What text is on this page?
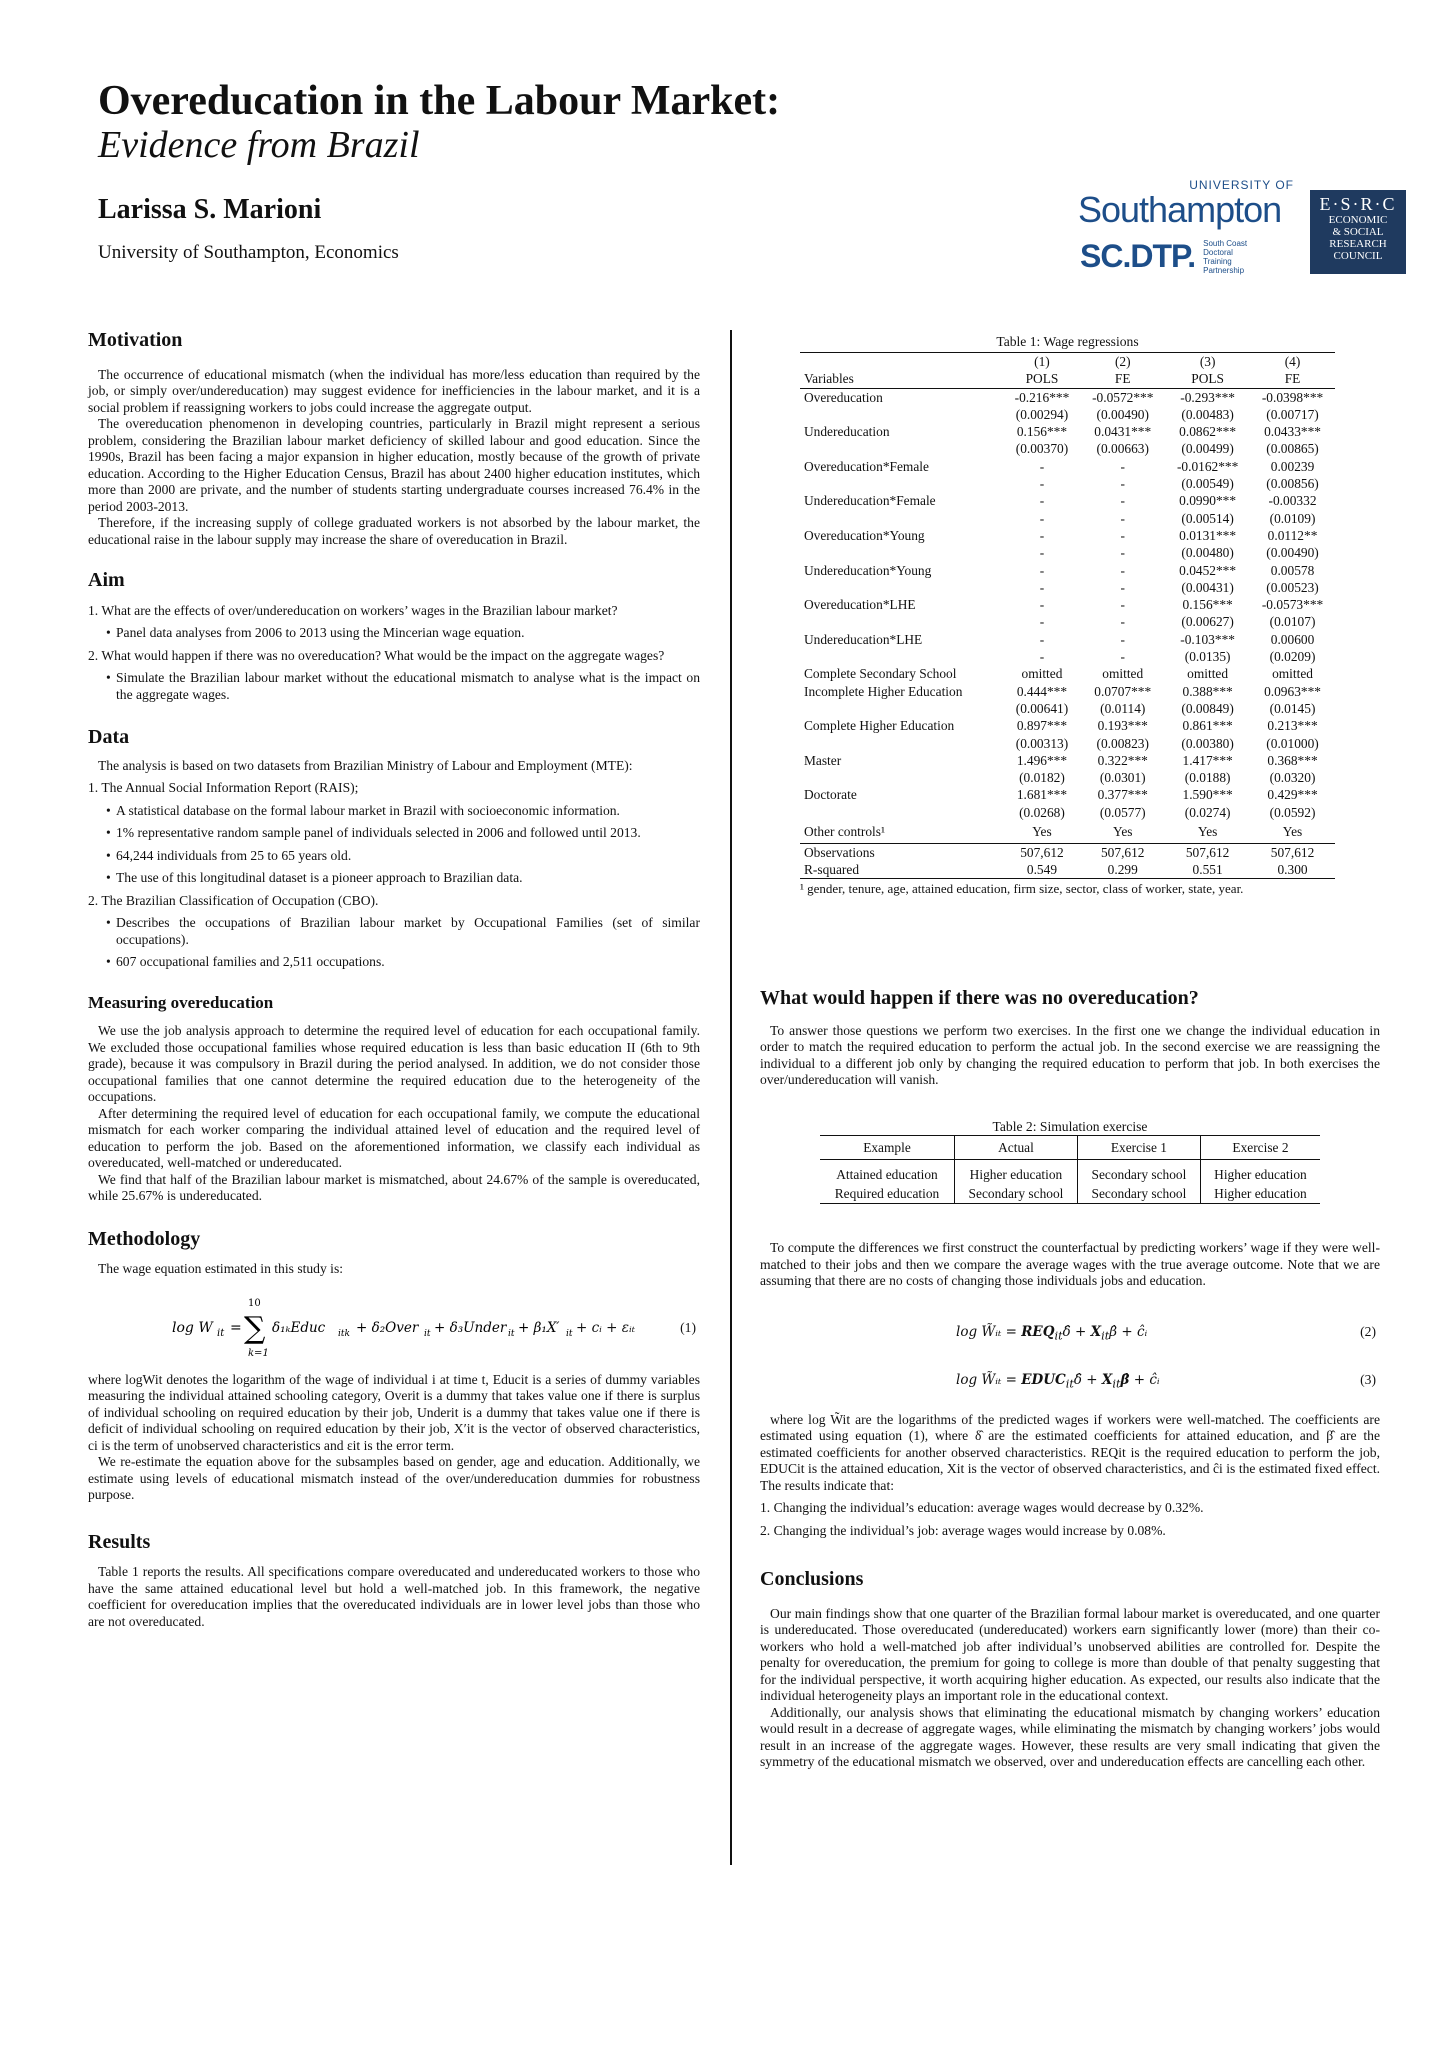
Overeducation in the Labour Market:
Evidence from Brazil
Larissa S. Marioni
University of Southampton, Economics
UNIVERSITY OF
Southampton
SC.DTP. South Coast Doctoral Training Partnership
E·S·R·C
ECONOMIC
& SOCIAL
RESEARCH
COUNCIL
Motivation

The occurrence of educational mismatch (when the individual has more/less education than required by the job, or simply over/undereducation) may suggest evidence for inefficiencies in the labour market, and it is a social problem if reassigning workers to jobs could increase the aggregate output.

The overeducation phenomenon in developing countries, particularly in Brazil might represent a serious problem, considering the Brazilian labour market deficiency of skilled labour and good education. Since the 1990s, Brazil has been facing a major expansion in higher education, mostly because of the growth of private education. According to the Higher Education Census, Brazil has about 2400 higher education institutes, which more than 2000 are private, and the number of students starting undergraduate courses increased 76.4% in the period 2003-2013.

Therefore, if the increasing supply of college graduated workers is not absorbed by the labour market, the educational raise in the labour supply may increase the share of overeducation in Brazil.

Aim
1. What are the effects of over/undereducation on workers’ wages in the Brazilian labour market?
• Panel data analyses from 2006 to 2013 using the Mincerian wage equation.
2. What would happen if there was no overeducation? What would be the impact on the aggregate wages?
• Simulate the Brazilian labour market without the educational mismatch to analyse what is the impact on the aggregate wages.
Data

The analysis is based on two datasets from Brazilian Ministry of Labour and Employment (MTE):

1. The Annual Social Information Report (RAIS);
• A statistical database on the formal labour market in Brazil with socioeconomic information.
• 1% representative random sample panel of individuals selected in 2006 and followed until 2013.
• 64,244 individuals from 25 to 65 years old.
• The use of this longitudinal dataset is a pioneer approach to Brazilian data.
2. The Brazilian Classification of Occupation (CBO).
• Describes the occupations of Brazilian labour market by Occupational Families (set of similar occupations).
• 607 occupational families and 2,511 occupations.
Measuring overeducation

We use the job analysis approach to determine the required level of education for each occupational family. We excluded those occupational families whose required education is less than basic education II (6th to 9th grade), because it was compulsory in Brazil during the period analysed. In addition, we do not consider those occupational families that one cannot determine the required education due to the heterogeneity of the occupations.

After determining the required level of education for each occupational family, we compute the educational mismatch for each worker comparing the individual attained level of education and the required level of education to perform the job. Based on the aforementioned information, we classify each individual as overeducated, well-matched or undereducated.

We find that half of the Brazilian labour market is mismatched, about 24.67% of the sample is overeducated, while 25.67% is undereducated.

Methodology

The wage equation estimated in this study is:

log W it =
10
∑
k=1
δ₁ₖEduc itk + δ₂Over it + δ₃Under it + β₁X′ it + cᵢ + εᵢₜ	(1)
where logWit denotes the logarithm of the wage of individual i at time t, Educit is a series of dummy variables measuring the individual attained schooling category, Overit is a dummy that takes value one if there is surplus of individual schooling on required education by their job, Underit is a dummy that takes value one if there is deficit of individual schooling on required education by their job, X′it is the vector of observed characteristics, ci is the term of unobserved characteristics and εit is the error term.

We re-estimate the equation above for the subsamples based on gender, age and education. Additionally, we estimate using levels of educational mismatch instead of the over/undereducation dummies for robustness purpose.

Results

Table 1 reports the results. All specifications compare overeducated and undereducated workers to those who have the same attained educational level but hold a well-matched job. In this framework, the negative coefficient for overeducation implies that the overeducated individuals are in lower level jobs than those who are not overeducated.

Table 1: Wage regressions
	(1)	(2)	(3)	(4)
Variables	POLS	FE	POLS	FE
Overeducation	-0.216***	-0.0572***	-0.293***	-0.0398***
	(0.00294)	(0.00490)	(0.00483)	(0.00717)
Undereducation	0.156***	0.0431***	0.0862***	0.0433***
	(0.00370)	(0.00663)	(0.00499)	(0.00865)
Overeducation*Female	-	-	-0.0162***	0.00239
	-	-	(0.00549)	(0.00856)
Undereducation*Female	-	-	0.0990***	-0.00332
	-	-	(0.00514)	(0.0109)
Overeducation*Young	-	-	0.0131***	0.0112**
	-	-	(0.00480)	(0.00490)
Undereducation*Young	-	-	0.0452***	0.00578
	-	-	(0.00431)	(0.00523)
Overeducation*LHE	-	-	0.156***	-0.0573***
	-	-	(0.00627)	(0.0107)
Undereducation*LHE	-	-	-0.103***	0.00600
	-	-	(0.0135)	(0.0209)
Complete Secondary School	omitted	omitted	omitted	omitted
Incomplete Higher Education	0.444***	0.0707***	0.388***	0.0963***
	(0.00641)	(0.0114)	(0.00849)	(0.0145)
Complete Higher Education	0.897***	0.193***	0.861***	0.213***
	(0.00313)	(0.00823)	(0.00380)	(0.01000)
Master	1.496***	0.322***	1.417***	0.368***
	(0.0182)	(0.0301)	(0.0188)	(0.0320)
Doctorate	1.681***	0.377***	1.590***	0.429***
	(0.0268)	(0.0577)	(0.0274)	(0.0592)
Other controls¹	Yes	Yes	Yes	Yes
Observations	507,612	507,612	507,612	507,612
R-squared	0.549	0.299	0.551	0.300
¹ gender, tenure, age, attained education, firm size, sector, class of worker, state, year.
What would happen if there was no overeducation?

To answer those questions we perform two exercises. In the first one we change the individual education in order to match the required education to perform the actual job. In the second exercise we are reassigning the individual to a different job only by changing the required education to perform that job. In both exercises the over/undereducation will vanish.

Table 2: Simulation exercise
Example	Actual	Exercise 1	Exercise 2
Attained education	Higher education	Secondary school	Higher education
Required education	Secondary school	Secondary school	Higher education

To compute the differences we first construct the counterfactual by predicting workers’ wage if they were well-matched to their jobs and then we compare the average wages with the true average outcome. Note that we are assuming that there are no costs of changing those individuals jobs and education.

log W̃ᵢₜ = $REQ_{it}\deltâ$ + $X_{it}\betâ$ + ĉᵢ	(2)
log W̃ᵢₜ = $EDUC_{it}\deltâ$ + $X_{it}\betâ$ + ĉᵢ	(3)

where log W̃it are the logarithms of the predicted wages if workers were well-matched. The coefficients are estimated using equation (1), where δ̂ are the estimated coefficients for attained education, and β̂ are the estimated coefficients for another observed characteristics. REQit is the required education to perform the job, EDUCit is the attained education, Xit is the vector of observed characteristics, and ĉi is the estimated fixed effect. The results indicate that:

1. Changing the individual’s education: average wages would decrease by 0.32%.
2. Changing the individual’s job: average wages would increase by 0.08%.
Conclusions

Our main findings show that one quarter of the Brazilian formal labour market is overeducated, and one quarter is undereducated. Those overeducated (undereducated) workers earn significantly lower (more) than their co-workers who hold a well-matched job after individual’s unobserved abilities are controlled for. Despite the penalty for overeducation, the premium for going to college is more than double of that penalty suggesting that for the individual perspective, it worth acquiring higher education. As expected, our results also indicate that the individual heterogeneity plays an important role in the educational context.

Additionally, our analysis shows that eliminating the educational mismatch by changing workers’ education would result in a decrease of aggregate wages, while eliminating the mismatch by changing workers’ jobs would result in an increase of the aggregate wages. However, these results are very small indicating that given the symmetry of the educational mismatch we observed, over and undereducation effects are cancelling each other.
